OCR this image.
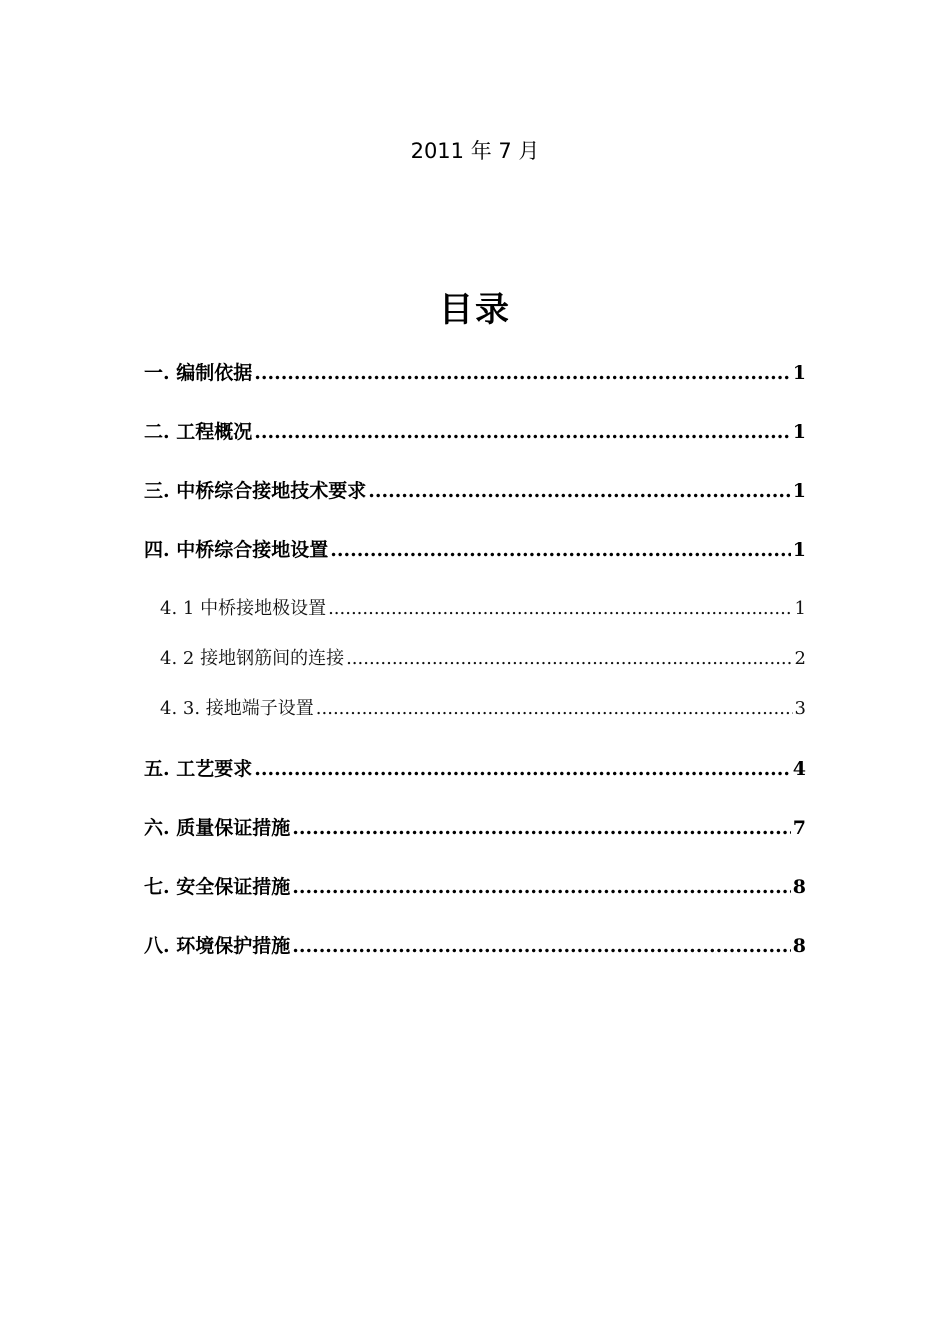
2011 年 7 月
目录
一. 编制依据 .....	1
二. 工程概况 .....	1
三. 中桥综合接地技术要求 .....	1
四. 中桥综合接地设置 .....	1
4. 1 中桥接地极设置 .....	1
4. 2 接地钢筋间的连接 .....	2
4. 3. 接地端子设置 .....	3
五. 工艺要求 .....	4
六. 质量保证措施 .....	7
七. 安全保证措施 .....	8
八. 环境保护措施 .....	8
